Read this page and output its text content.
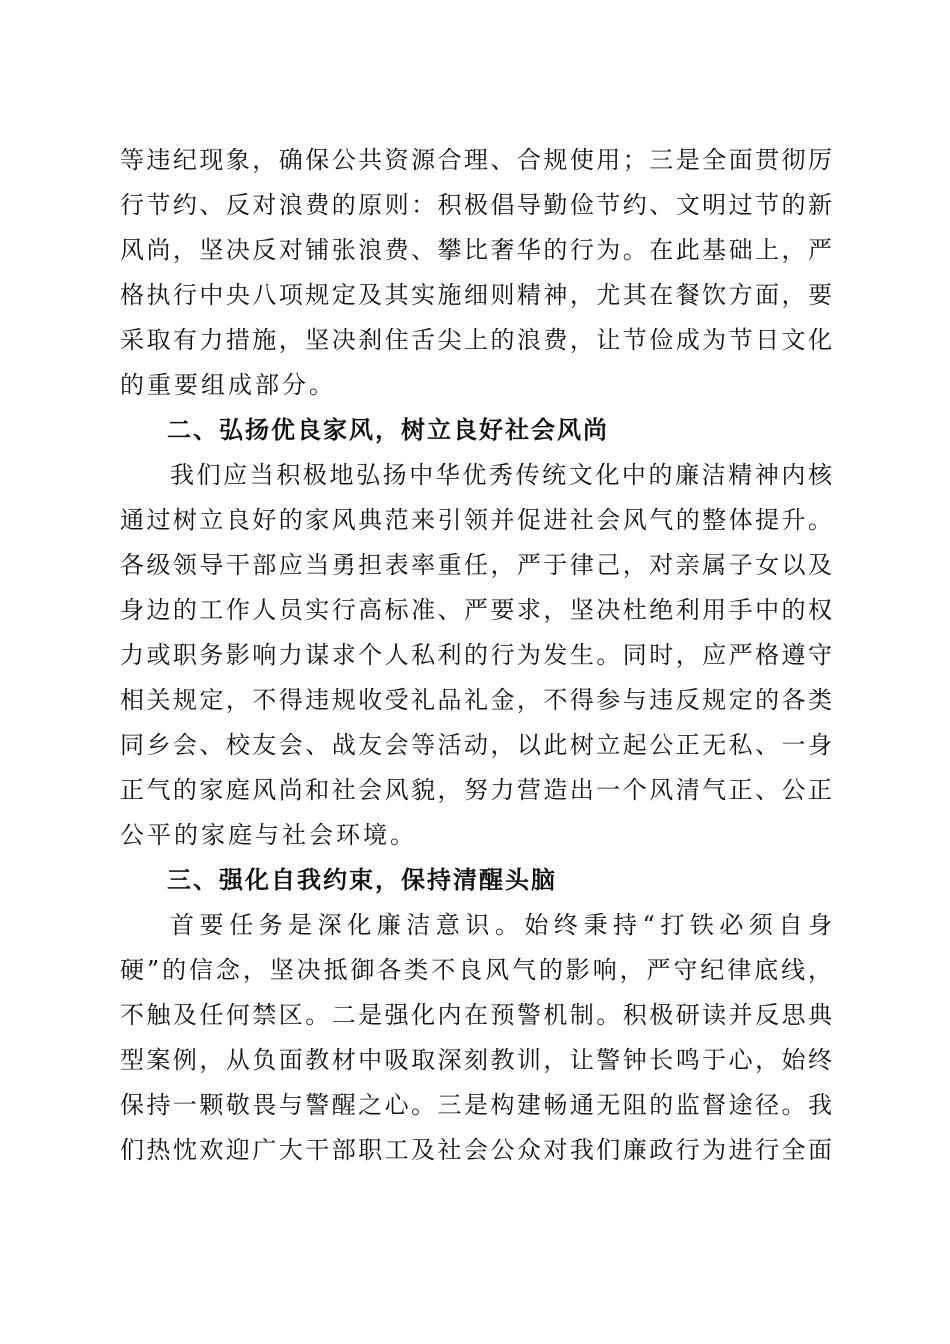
等违纪现象，确保公共资源合理、合规使用；三是全面贯彻厉
行节约、反对浪费的原则：积极倡导勤俭节约、文明过节的新
风尚，坚决反对铺张浪费、攀比奢华的行为。在此基础上，严
格执行中央八项规定及其实施细则精神，尤其在餐饮方面，要
采取有力措施，坚决刹住舌尖上的浪费，让节俭成为节日文化
的重要组成部分。
二、弘扬优良家风，树立良好社会风尚
我们应当积极地弘扬中华优秀传统文化中的廉洁精神内核
通过树立良好的家风典范来引领并促进社会风气的整体提升。
各级领导干部应当勇担表率重任，严于律己，对亲属子女以及
身边的工作人员实行高标准、严要求，坚决杜绝利用手中的权
力或职务影响力谋求个人私利的行为发生。同时，应严格遵守
相关规定，不得违规收受礼品礼金，不得参与违反规定的各类
同乡会、校友会、战友会等活动，以此树立起公正无私、一身
正气的家庭风尚和社会风貌，努力营造出一个风清气正、公正
公平的家庭与社会环境。
三、强化自我约束，保持清醒头脑
首要任务是深化廉洁意识。始终秉持“打铁必须自身
硬”的信念，坚决抵御各类不良风气的影响，严守纪律底线，
不触及任何禁区。二是强化内在预警机制。积极研读并反思典
型案例，从负面教材中吸取深刻教训，让警钟长鸣于心，始终
保持一颗敬畏与警醒之心。三是构建畅通无阻的监督途径。我
们热忱欢迎广大干部职工及社会公众对我们廉政行为进行全面
